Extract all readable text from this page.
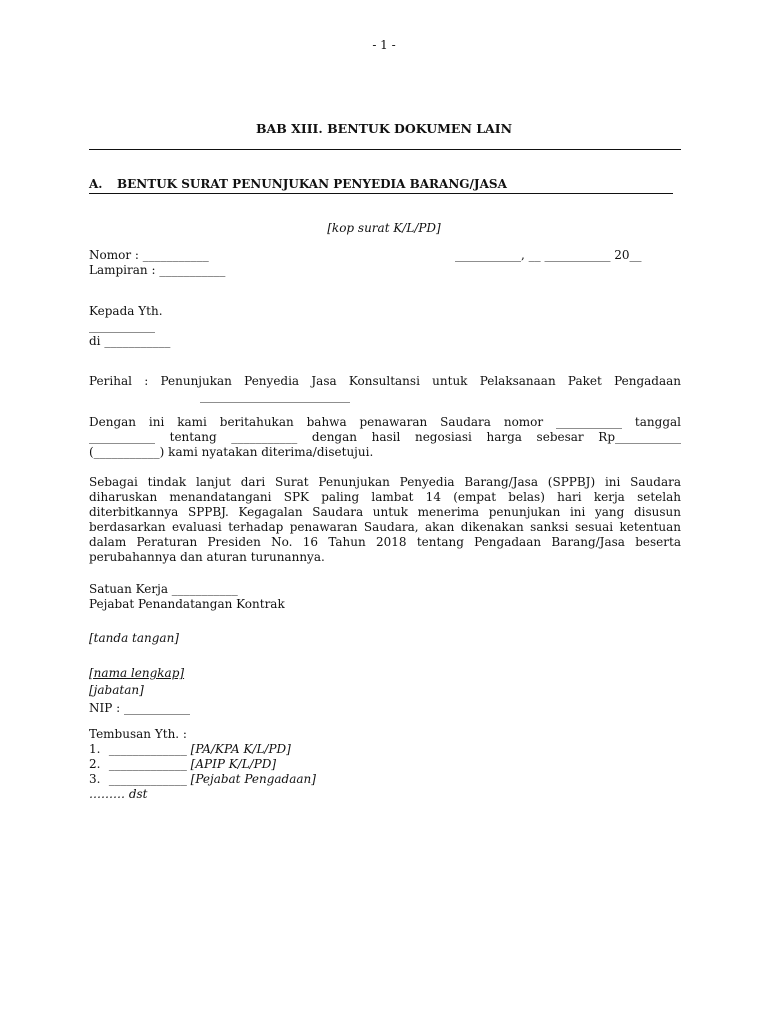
- 1 -
BAB XIII. BENTUK DOKUMEN LAIN
A. BENTUK SURAT PENUNJUKAN PENYEDIA BARANG/JASA
[kop surat K/L/PD]
Nomor : ___________
Lampiran : ___________
___________, __ ___________ 20__
Kepada Yth.
___________
di ___________
Perihal : Penunjukan Penyedia Jasa Konsultansi untuk Pelaksanaan Paket Pengadaan
_________________________
Dengan ini kami beritahukan bahwa penawaran Saudara nomor ___________ tanggal
___________ tentang ___________ dengan hasil negosiasi harga sebesar Rp___________
(___________) kami nyatakan diterima/disetujui.
Sebagai tindak lanjut dari Surat Penunjukan Penyedia Barang/Jasa (SPPBJ) ini Saudara
diharuskan menandatangani SPK paling lambat 14 (empat belas) hari kerja setelah
diterbitkannya SPPBJ. Kegagalan Saudara untuk menerima penunjukan ini yang disusun
berdasarkan evaluasi terhadap penawaran Saudara, akan dikenakan sanksi sesuai ketentuan
dalam Peraturan Presiden No. 16 Tahun 2018 tentang Pengadaan Barang/Jasa beserta
perubahannya dan aturan turunannya.
Satuan Kerja ___________
Pejabat Penandatangan Kontrak
[tanda tangan]
[nama lengkap]
[jabatan]
NIP : ___________
Tembusan Yth. :
1. _____________ [PA/KPA K/L/PD]
2. _____________ [APIP K/L/PD]
3. _____________ [Pejabat Pengadaan]
……… dst
